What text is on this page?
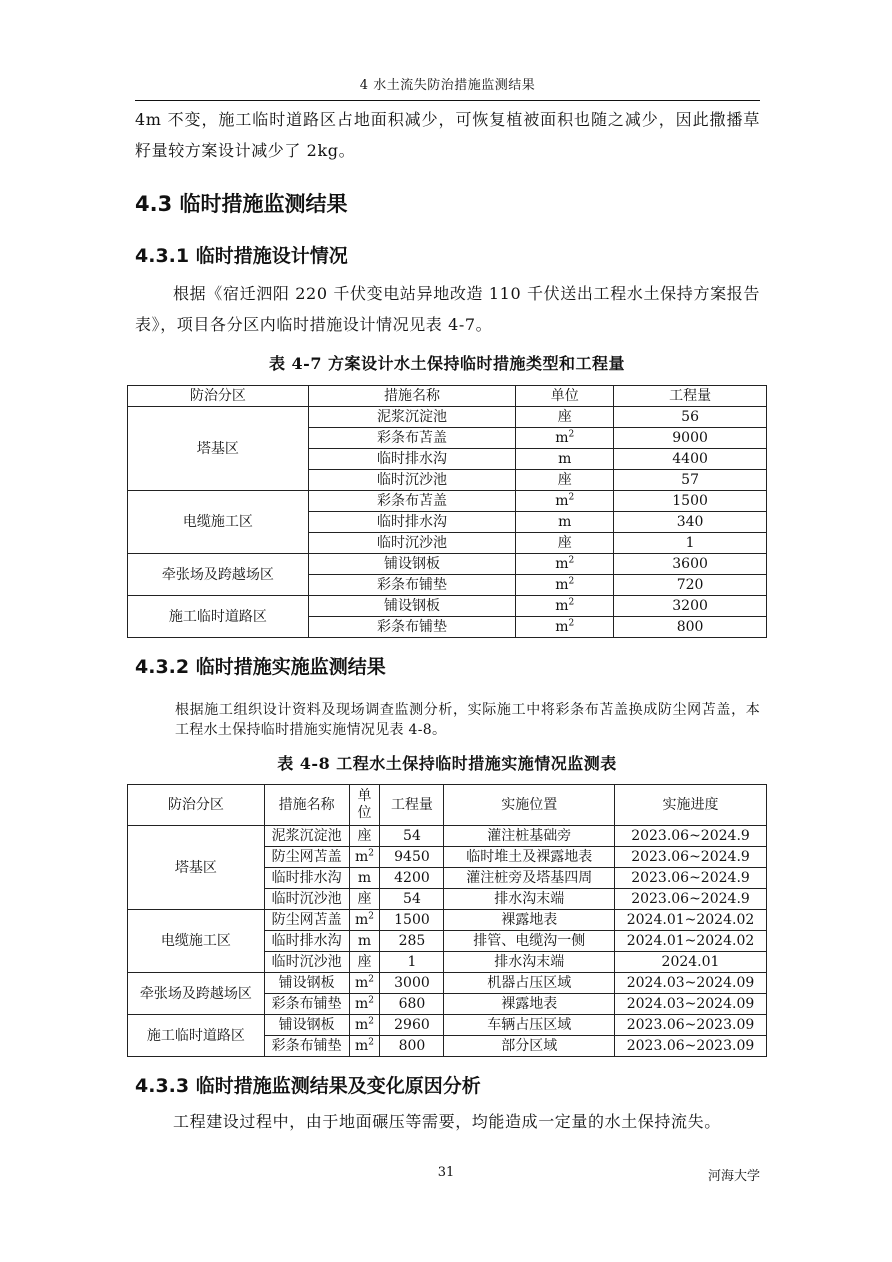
4 水土流失防治措施监测结果

4m 不变，施工临时道路区占地面积减少，可恢复植被面积也随之减少，因此撒播草籽量较方案设计减少了 2kg。

4.3 临时措施监测结果
4.3.1 临时措施设计情况

根据《宿迁泗阳 220 千伏变电站异地改造 110 千伏送出工程水土保持方案报告表》，项目各分区内临时措施设计情况见表 4-7。

表 4-7 方案设计水土保持临时措施类型和工程量
防治分区	措施名称	单位	工程量
塔基区	泥浆沉淀池	座	56
	彩条布苫盖	$m^2$	9000
	临时排水沟	m	4400
	临时沉沙池	座	57
电缆施工区	彩条布苫盖	$m^2$	1500
	临时排水沟	m	340
	临时沉沙池	座	1
牵张场及跨越场区	铺设钢板	$m^2$	3600
	彩条布铺垫	$m^2$	720
施工临时道路区	铺设钢板	$m^2$	3200
	彩条布铺垫	$m^2$	800
4.3.2 临时措施实施监测结果

根据施工组织设计资料及现场调查监测分析，实际施工中将彩条布苫盖换成防尘网苫盖，本工程水土保持临时措施实施情况见表 4-8。

表 4-8 工程水土保持临时措施实施情况监测表
防治分区	措施名称	单位	工程量	实施位置	实施进度
塔基区	泥浆沉淀池	座	54	灌注桩基础旁	2023.06~2024.9
	防尘网苫盖	$m^2$	9450	临时堆土及裸露地表	2023.06~2024.9
	临时排水沟	m	4200	灌注桩旁及塔基四周	2023.06~2024.9
	临时沉沙池	座	54	排水沟末端	2023.06~2024.9
电缆施工区	防尘网苫盖	$m^2$	1500	裸露地表	2024.01~2024.02
	临时排水沟	m	285	排管、电缆沟一侧	2024.01~2024.02
	临时沉沙池	座	1	排水沟末端	2024.01
牵张场及跨越场区	铺设钢板	$m^2$	3000	机器占压区域	2024.03~2024.09
	彩条布铺垫	$m^2$	680	裸露地表	2024.03~2024.09
施工临时道路区	铺设钢板	$m^2$	2960	车辆占压区域	2023.06~2023.09
	彩条布铺垫	$m^2$	800	部分区域	2023.06~2023.09
4.3.3 临时措施监测结果及变化原因分析

工程建设过程中，由于地面碾压等需要，均能造成一定量的水土保持流失。

31	河海大学
